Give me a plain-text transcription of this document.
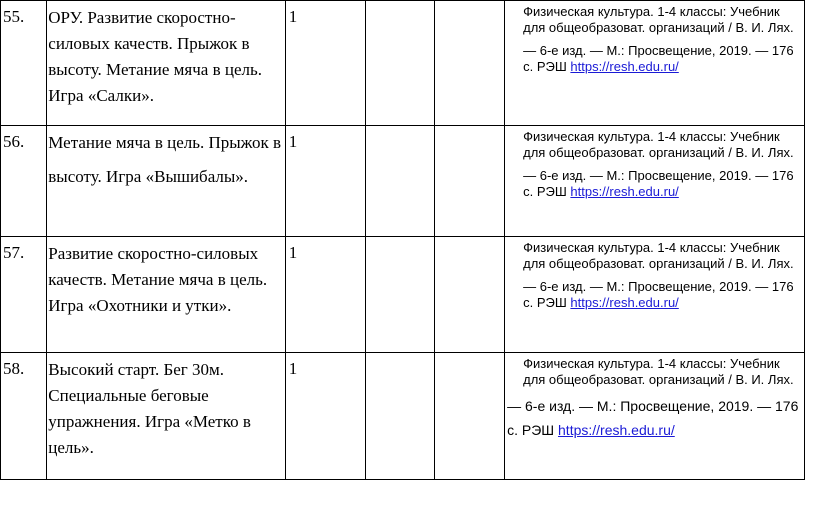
55.	ОРУ. Развитие скоростно-силовых качеств. Прыжок в высоту. Метание мяча в цель. Игра «Салки».	1			Физическая культура. 1-4 классы: Учебник для общеобразоват. организаций / В. И. Лях.
— 6-е изд. — М.: Просвещение, 2019. — 176 с. РЭШ https://resh.edu.ru/

56.	Метание мяча в цель. Прыжок в высоту. Игра «Вышибалы».	1			Физическая культура. 1-4 классы: Учебник для общеобразоват. организаций / В. И. Лях.
— 6-е изд. — М.: Просвещение, 2019. — 176 с. РЭШ https://resh.edu.ru/

57.	Развитие скоростно-силовых качеств. Метание мяча в цель. Игра «Охотники и утки».	1			Физическая культура. 1-4 классы: Учебник для общеобразоват. организаций / В. И. Лях.
— 6-е изд. — М.: Просвещение, 2019. — 176 с. РЭШ https://resh.edu.ru/

58.	Высокий старт. Бег 30м. Специальные беговые упражнения. Игра «Метко в цель».	1			Физическая культура. 1-4 классы: Учебник для общеобразоват. организаций / В. И. Лях.
— 6-е изд. — М.: Просвещение, 2019. — 176 с. РЭШ https://resh.edu.ru/
